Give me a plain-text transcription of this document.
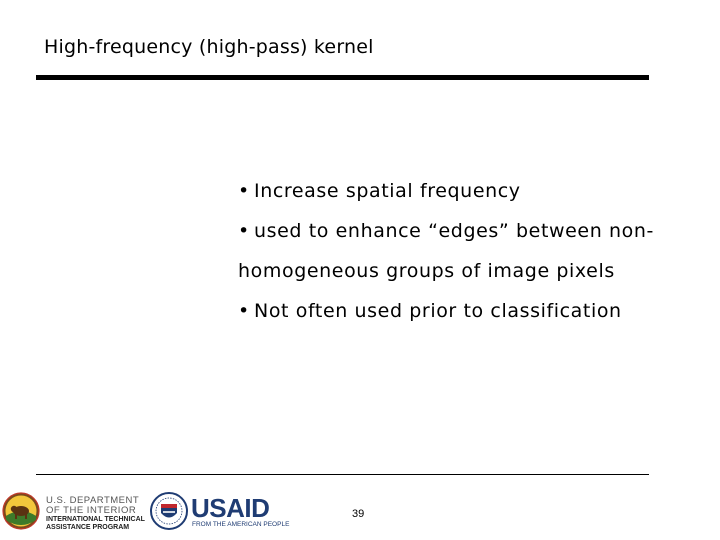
High-frequency (high-pass) kernel
• Increase spatial frequency
• used to enhance “edges” between non-
homogeneous groups of image pixels
• Not often used prior to classification
U.S. DEPARTMENT
OF THE INTERIOR
INTERNATIONAL TECHNICAL
ASSISTANCE PROGRAM
USAID
FROM THE AMERICAN PEOPLE
39
